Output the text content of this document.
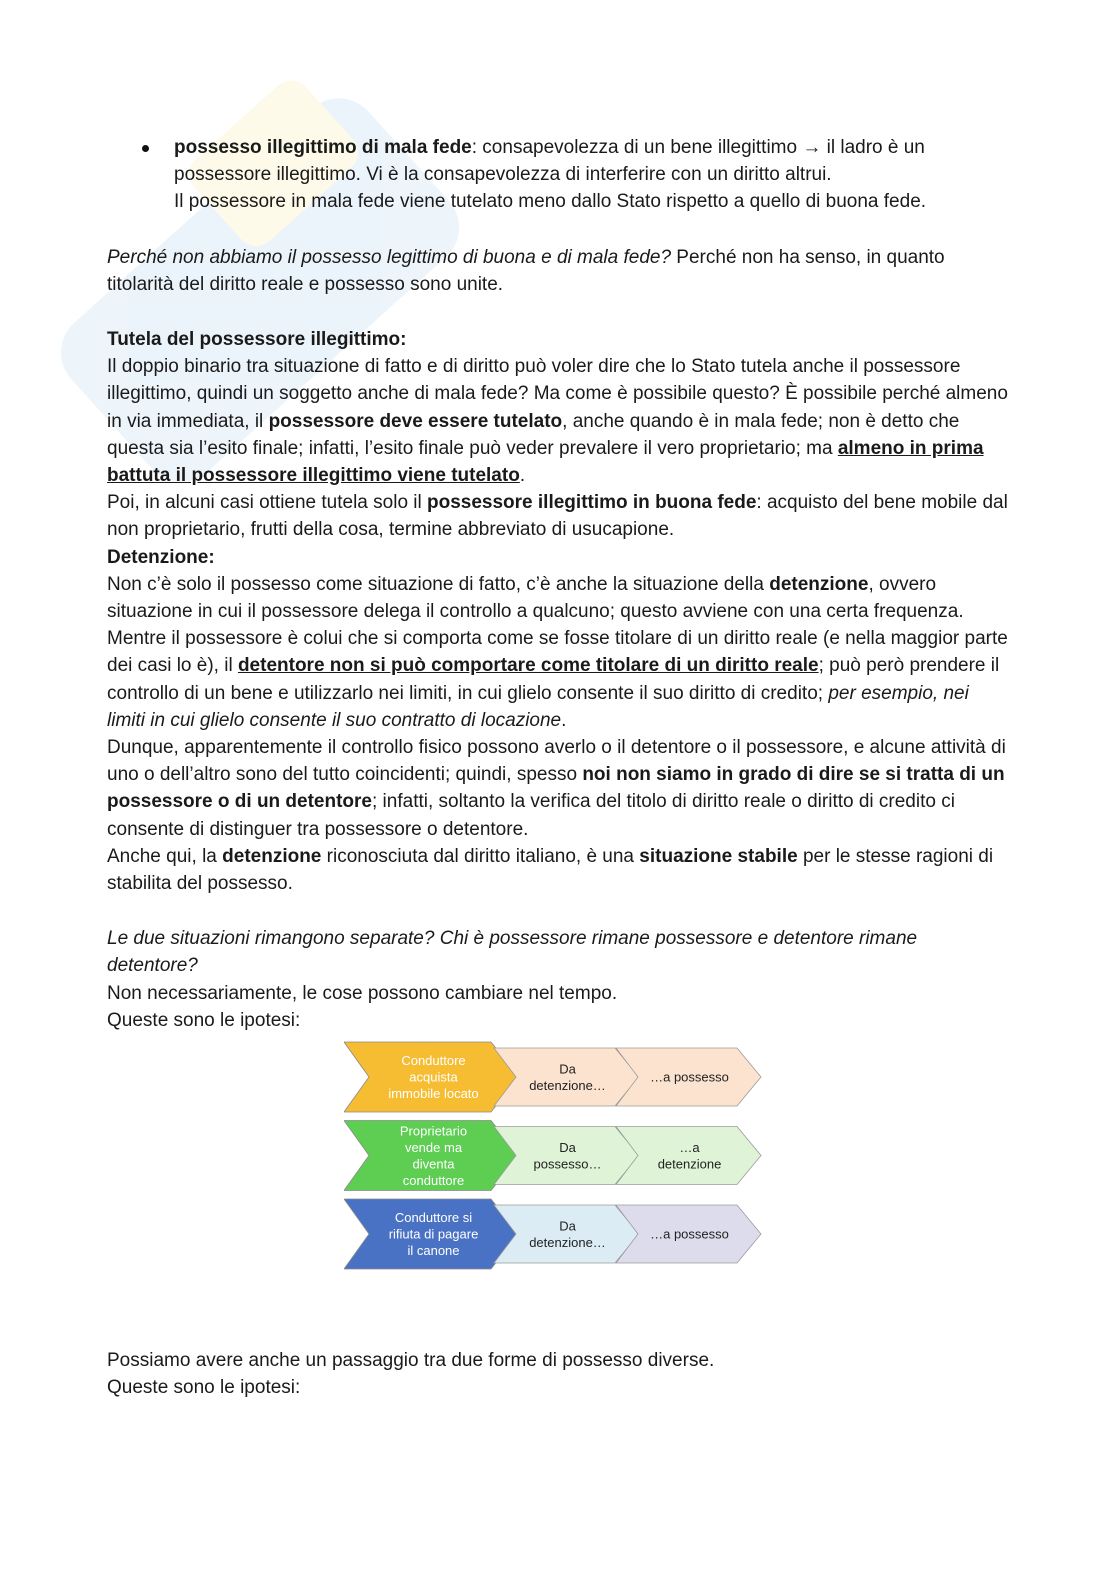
possesso illegittimo di mala fede: consapevolezza di un bene illegittimo → il ladro è un possessore illegittimo. Vi è la consapevolezza di interferire con un diritto altrui.
Il possessore in mala fede viene tutelato meno dallo Stato rispetto a quello di buona fede.

Perché non abbiamo il possesso legittimo di buona e di mala fede? Perché non ha senso, in quanto titolarità del diritto reale e possesso sono unite.

Tutela del possessore illegittimo:

Il doppio binario tra situazione di fatto e di diritto può voler dire che lo Stato tutela anche il possessore illegittimo, quindi un soggetto anche di mala fede? Ma come è possibile questo? È possibile perché almeno in via immediata, il possessore deve essere tutelato, anche quando è in mala fede; non è detto che questa sia l’esito finale; infatti, l’esito finale può veder prevalere il vero proprietario; ma almeno in prima battuta il possessore illegittimo viene tutelato.

Poi, in alcuni casi ottiene tutela solo il possessore illegittimo in buona fede: acquisto del bene mobile dal non proprietario, frutti della cosa, termine abbreviato di usucapione.

Detenzione:

Non c’è solo il possesso come situazione di fatto, c’è anche la situazione della detenzione, ovvero situazione in cui il possessore delega il controllo a qualcuno; questo avviene con una certa frequenza.

Mentre il possessore è colui che si comporta come se fosse titolare di un diritto reale (e nella maggior parte dei casi lo è), il detentore non si può comportare come titolare di un diritto reale; può però prendere il controllo di un bene e utilizzarlo nei limiti, in cui glielo consente il suo diritto di credito; per esempio, nei limiti in cui glielo consente il suo contratto di locazione.

Dunque, apparentemente il controllo fisico possono averlo o il detentore o il possessore, e alcune attività di uno o dell’altro sono del tutto coincidenti; quindi, spesso noi non siamo in grado di dire se si tratta di un possessore o di un detentore; infatti, soltanto la verifica del titolo di diritto reale o diritto di credito ci consente di distinguer tra possessore o detentore.

Anche qui, la detenzione riconosciuta dal diritto italiano, è una situazione stabile per le stesse ragioni di stabilita del possesso.

Le due situazioni rimangono separate? Chi è possessore rimane possessore e detentore rimane detentore?

Non necessariamente, le cose possono cambiare nel tempo.

Queste sono le ipotesi:

Conduttore acquista immobile locato
Da detenzione…
…a possesso
Proprietario vende ma diventa conduttore
Da possesso…
…a detenzione
Conduttore si rifiuta di pagare il canone
Da detenzione…
…a possesso

Possiamo avere anche un passaggio tra due forme di possesso diverse.

Queste sono le ipotesi:
